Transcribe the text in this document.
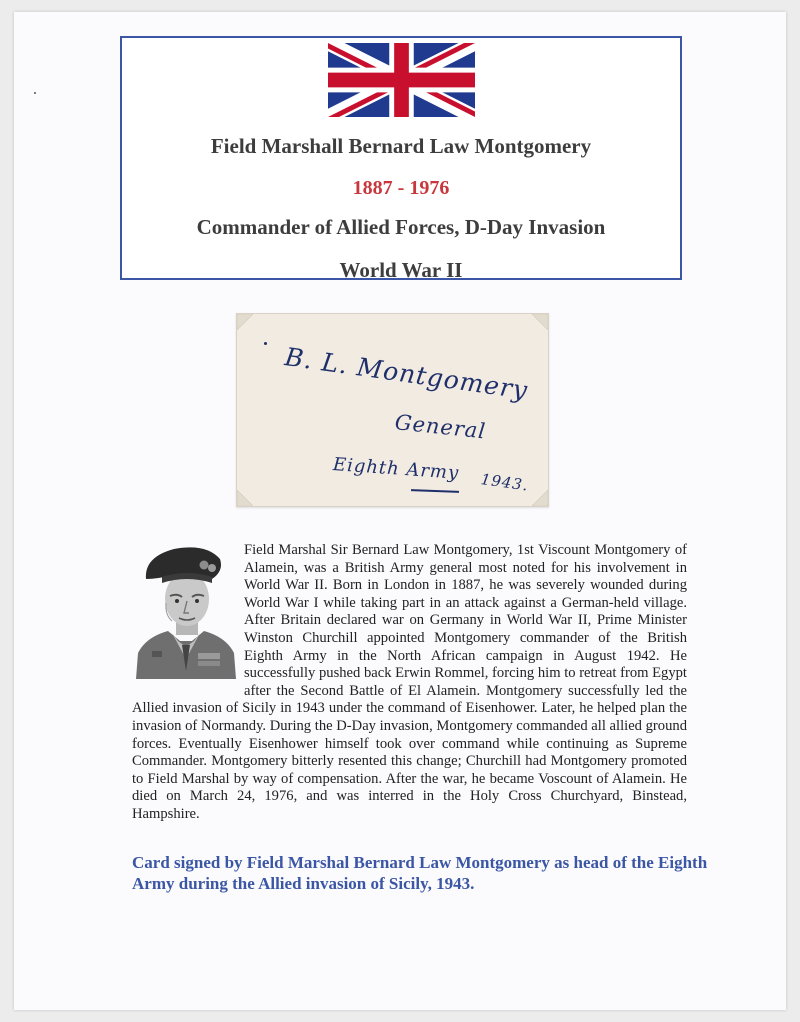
Field Marshall Bernard Law Montgomery
1887 - 1976
Commander of Allied Forces, D-Day Invasion
World War II
B. L. Montgomery
General
Eighth Army 1943.
Field Marshal Sir Bernard Law Montgomery, 1st Viscount Montgomery of Alamein, was a British Army general most noted for his involvement in World War II. Born in London in 1887, he was severely wounded during World War I while taking part in an attack against a German-held village. After Britain declared war on Germany in World War II, Prime Minister Winston Churchill appointed Montgomery commander of the British Eighth Army in the North African campaign in August 1942. He successfully pushed back Erwin Rommel, forcing him to retreat from Egypt after the Second Battle of El Alamein. Montgomery successfully led the Allied invasion of Sicily in 1943 under the command of Eisenhower. Later, he helped plan the invasion of Normandy. During the D-Day invasion, Montgomery commanded all allied ground forces. Eventually Eisenhower himself took over command while continuing as Supreme Commander. Montgomery bitterly resented this change; Churchill had Montgomery promoted to Field Marshal by way of compensation. After the war, he became Voscount of Alamein. He died on March 24, 1976, and was interred in the Holy Cross Churchyard, Binstead, Hampshire.
Card signed by Field Marshal Bernard Law Montgomery as head of the Eighth Army during the Allied invasion of Sicily, 1943.
